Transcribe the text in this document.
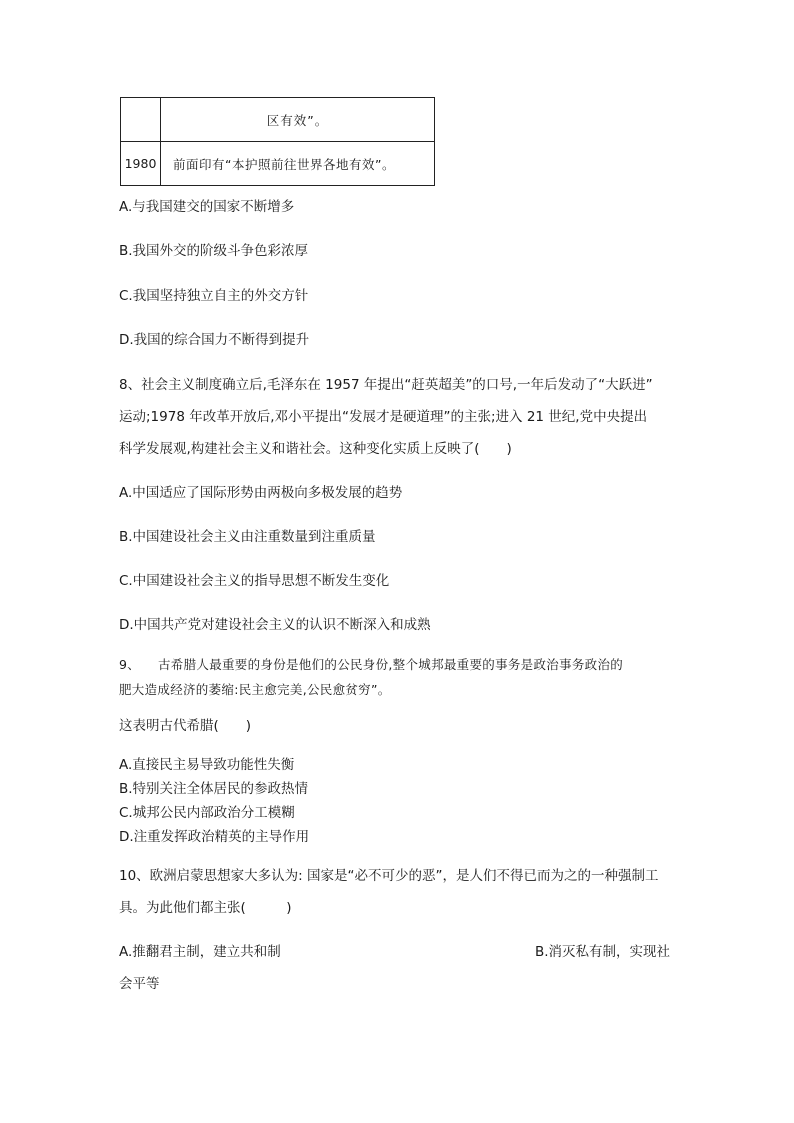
	区有效”。
1980	前面印有“本护照前往世界各地有效”。
A.与我国建交的国家不断增多
B.我国外交的阶级斗争色彩浓厚
C.我国坚持独立自主的外交方针
D.我国的综合国力不断得到提升
8、社会主义制度确立后,毛泽东在 1957 年提出“赶英超美”的口号,一年后发动了“大跃进”
运动;1978 年改革开放后,邓小平提出“发展才是硬道理”的主张;进入 21 世纪,党中央提出
科学发展观,构建社会主义和谐社会。这种变化实质上反映了(　　)
A.中国适应了国际形势由两极向多极发展的趋势
B.中国建设社会主义由注重数量到注重质量
C.中国建设社会主义的指导思想不断发生变化
D.中国共产党对建设社会主义的认识不断深入和成熟
9、 古希腊人最重要的身份是他们的公民身份,整个城邦最重要的事务是政治事务政治的
肥大造成经济的萎缩:民主愈完美,公民愈贫穷”。
这表明古代希腊(　　)
A.直接民主易导致功能性失衡
B.特别关注全体居民的参政热情
C.城邦公民内部政治分工模糊
D.注重发挥政治精英的主导作用
10、欧洲启蒙思想家大多认为: 国家是“必不可少的恶”，是人们不得已而为之的一种强制工
具。为此他们都主张(　　　)
A.推翻君主制，建立共和制	B.消灭私有制，实现社
会平等
